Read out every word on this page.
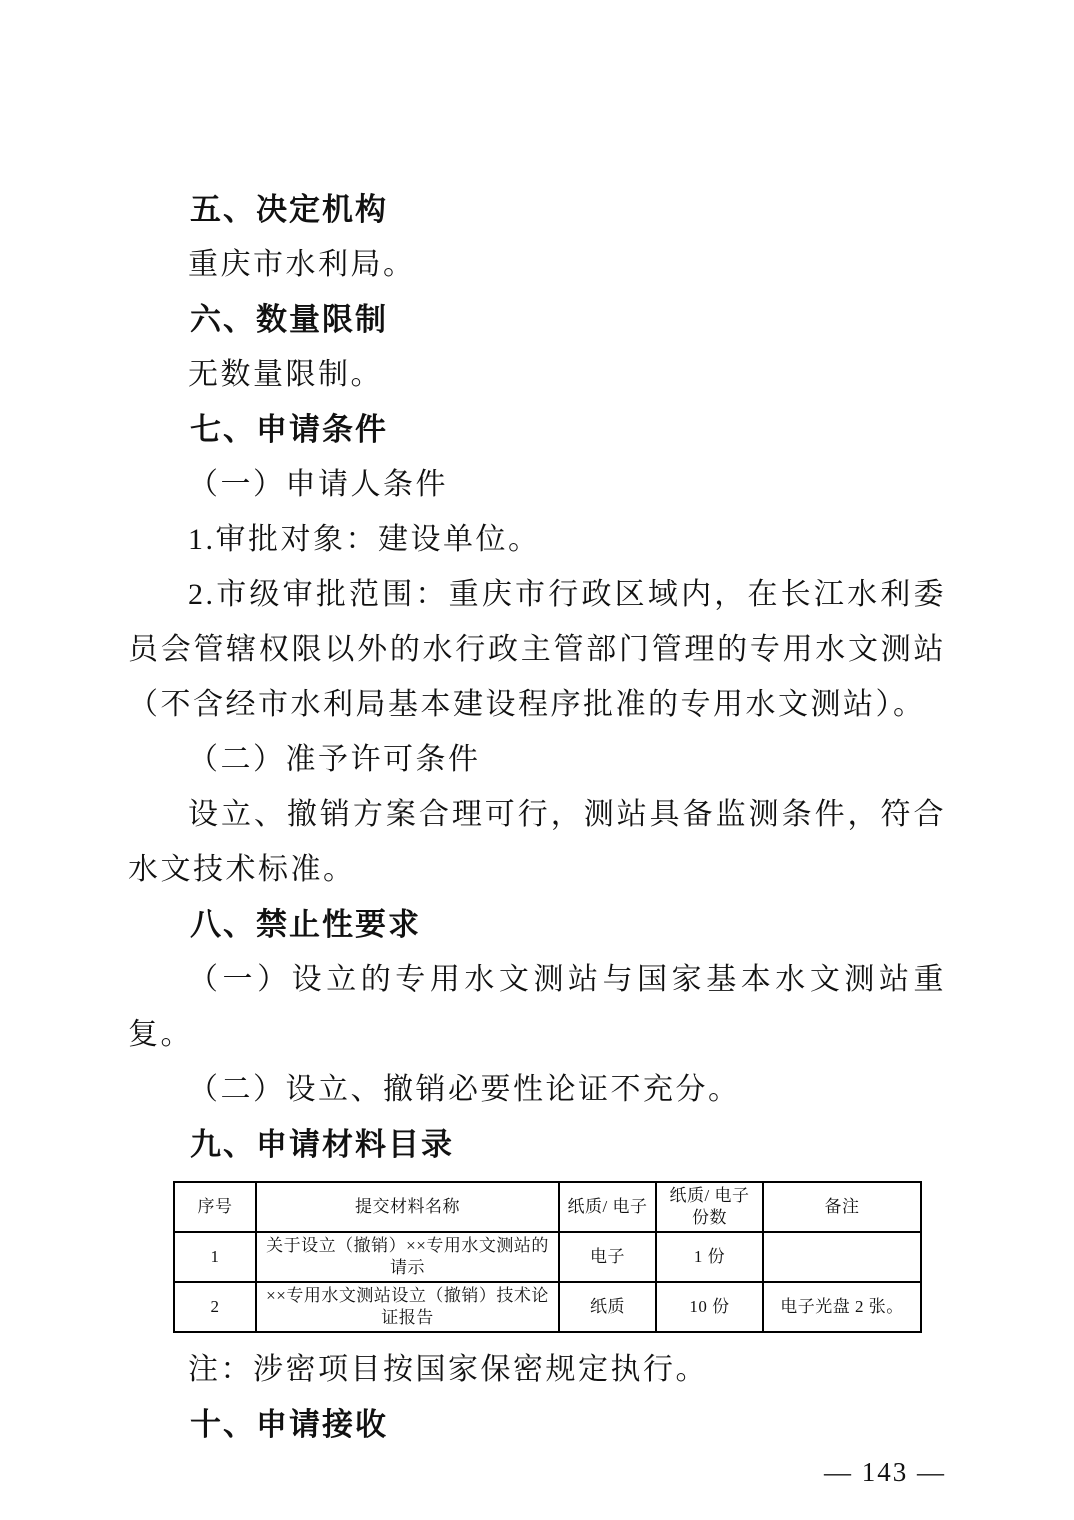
五、决定机构
重庆市水利局。
六、数量限制
无数量限制。
七、申请条件
（一）申请人条件
1.审批对象：建设单位。
2.市级审批范围：重庆市行政区域内，在长江水利委员会管辖权限以外的水行政主管部门管理的专用水文测站（不含经市水利局基本建设程序批准的专用水文测站）。
（二）准予许可条件
设立、撤销方案合理可行，测站具备监测条件，符合水文技术标准。
八、禁止性要求
（一）设立的专用水文测站与国家基本水文测站重复。
（二）设立、撤销必要性论证不充分。
九、申请材料目录
序号	提交材料名称	纸质/ 电子	纸质/ 电子份数	备注
1	关于设立（撤销）××专用水文测站的请示	电子	1 份	
2	××专用水文测站设立（撤销）技术论证报告	纸质	10 份	电子光盘 2 张。
注：涉密项目按国家保密规定执行。
十、申请接收
— 143 —
